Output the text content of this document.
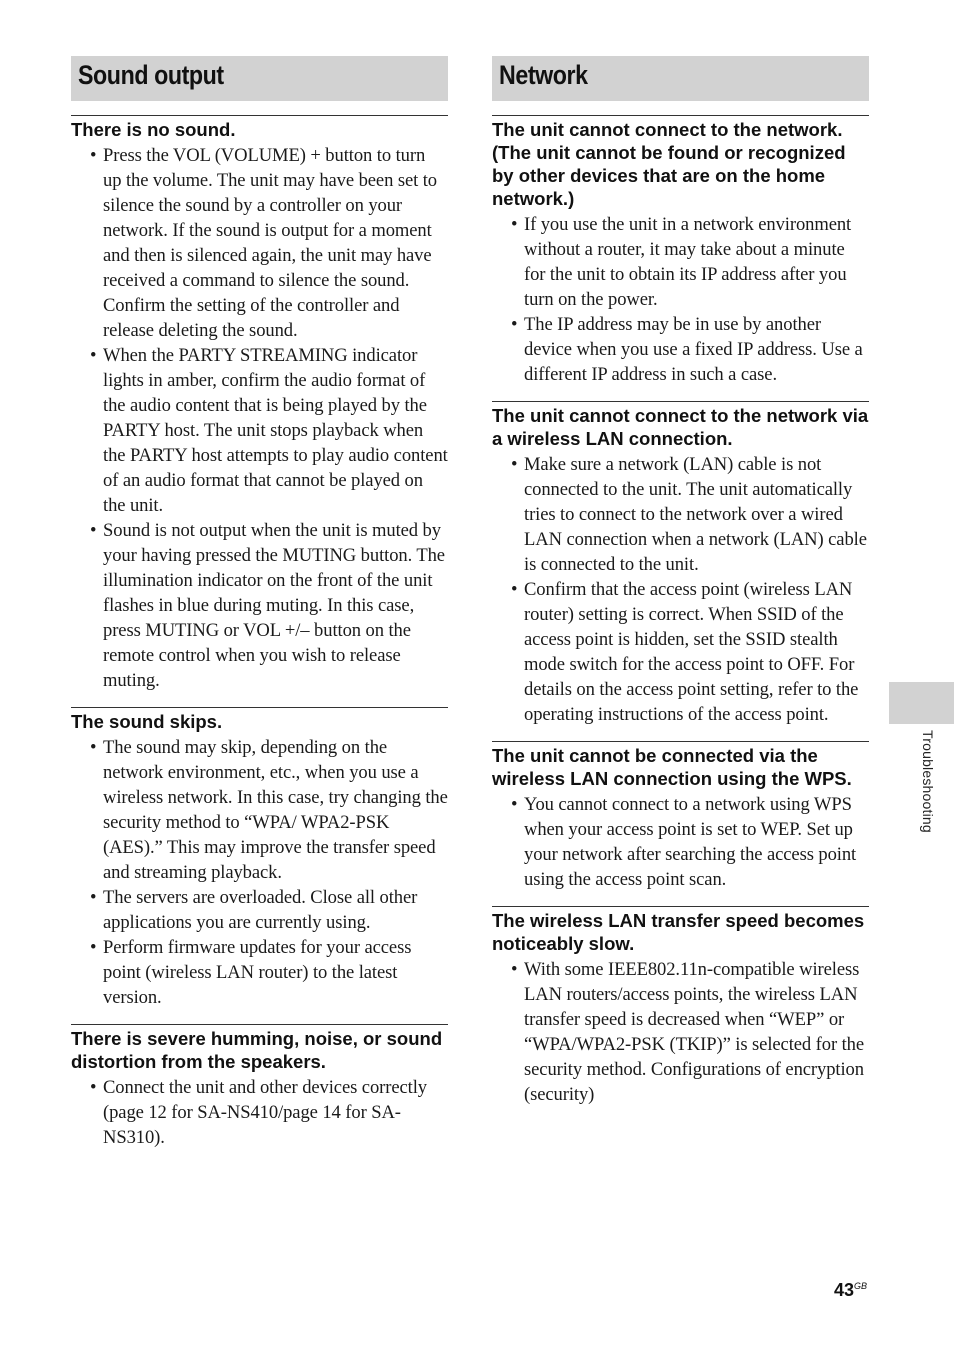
Sound output
There is no sound.
• Press the VOL (VOLUME) + button to turn up the volume. The unit may have been set to silence the sound by a controller on your network. If the sound is output for a moment and then is silenced again, the unit may have received a command to silence the sound. Confirm the setting of the controller and release deleting the sound.
• When the PARTY STREAMING indicator lights in amber, confirm the audio format of the audio content that is being played by the PARTY host. The unit stops playback when the PARTY host attempts to play audio content of an audio format that cannot be played on the unit.
• Sound is not output when the unit is muted by your having pressed the MUTING button. The illumination indicator on the front of the unit flashes in blue during muting. In this case, press MUTING or VOL +/– button on the remote control when you wish to release muting.
The sound skips.
• The sound may skip, depending on the network environment, etc., when you use a wireless network. In this case, try changing the security method to “WPA/ WPA2-PSK (AES).” This may improve the transfer speed and streaming playback.
• The servers are overloaded. Close all other applications you are currently using.
• Perform firmware updates for your access point (wireless LAN router) to the latest version.
There is severe humming, noise, or sound distortion from the speakers.
• Connect the unit and other devices correctly (page 12 for SA-NS410/page 14 for SA-NS310).
Network
The unit cannot connect to the network. (The unit cannot be found or recognized by other devices that are on the home network.)
• If you use the unit in a network environment without a router, it may take about a minute for the unit to obtain its IP address after you turn on the power.
• The IP address may be in use by another device when you use a fixed IP address. Use a different IP address in such a case.
The unit cannot connect to the network via a wireless LAN connection.
• Make sure a network (LAN) cable is not connected to the unit. The unit automatically tries to connect to the network over a wired LAN connection when a network (LAN) cable is connected to the unit.
• Confirm that the access point (wireless LAN router) setting is correct. When SSID of the access point is hidden, set the SSID stealth mode switch for the access point to OFF. For details on the access point setting, refer to the operating instructions of the access point.
The unit cannot be connected via the wireless LAN connection using the WPS.
• You cannot connect to a network using WPS when your access point is set to WEP. Set up your network after searching the access point using the access point scan.
The wireless LAN transfer speed becomes noticeably slow.
• With some IEEE802.11n-compatible wireless LAN routers/access points, the wireless LAN transfer speed is decreased when “WEP” or “WPA/WPA2-PSK (TKIP)” is selected for the security method. Configurations of encryption (security)
Troubleshooting
$43^{GB}$
